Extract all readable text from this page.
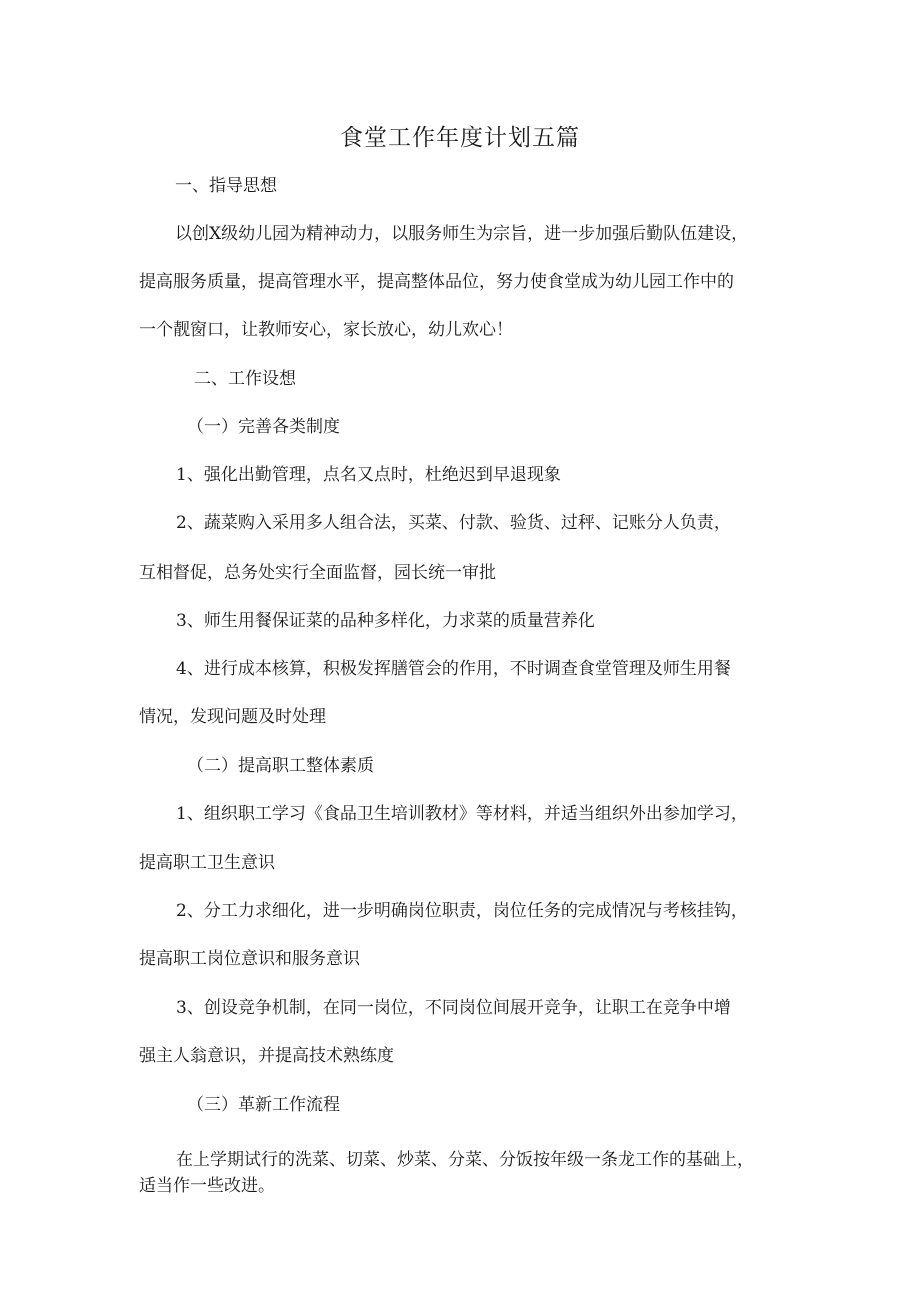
食堂工作年度计划五篇
一、指导思想
以创X级幼儿园为精神动力，以服务师生为宗旨，进一步加强后勤队伍建设，
提高服务质量，提高管理水平，提高整体品位，努力使食堂成为幼儿园工作中的
一个靓窗口，让教师安心，家长放心，幼儿欢心！
二、工作设想
（一）完善各类制度
1、强化出勤管理，点名又点时，杜绝迟到早退现象
2、蔬菜购入采用多人组合法，买菜、付款、验货、过秤、记账分人负责，
互相督促，总务处实行全面监督，园长统一审批
3、师生用餐保证菜的品种多样化，力求菜的质量营养化
4、进行成本核算，积极发挥膳管会的作用，不时调查食堂管理及师生用餐
情况，发现问题及时处理
（二）提高职工整体素质
1、组织职工学习《食品卫生培训教材》等材料，并适当组织外出参加学习，
提高职工卫生意识
2、分工力求细化，进一步明确岗位职责，岗位任务的完成情况与考核挂钩，
提高职工岗位意识和服务意识
3、创设竞争机制，在同一岗位，不同岗位间展开竞争，让职工在竞争中增
强主人翁意识，并提高技术熟练度
（三）革新工作流程
在上学期试行的洗菜、切菜、炒菜、分菜、分饭按年级一条龙工作的基础上，
适当作一些改进。
